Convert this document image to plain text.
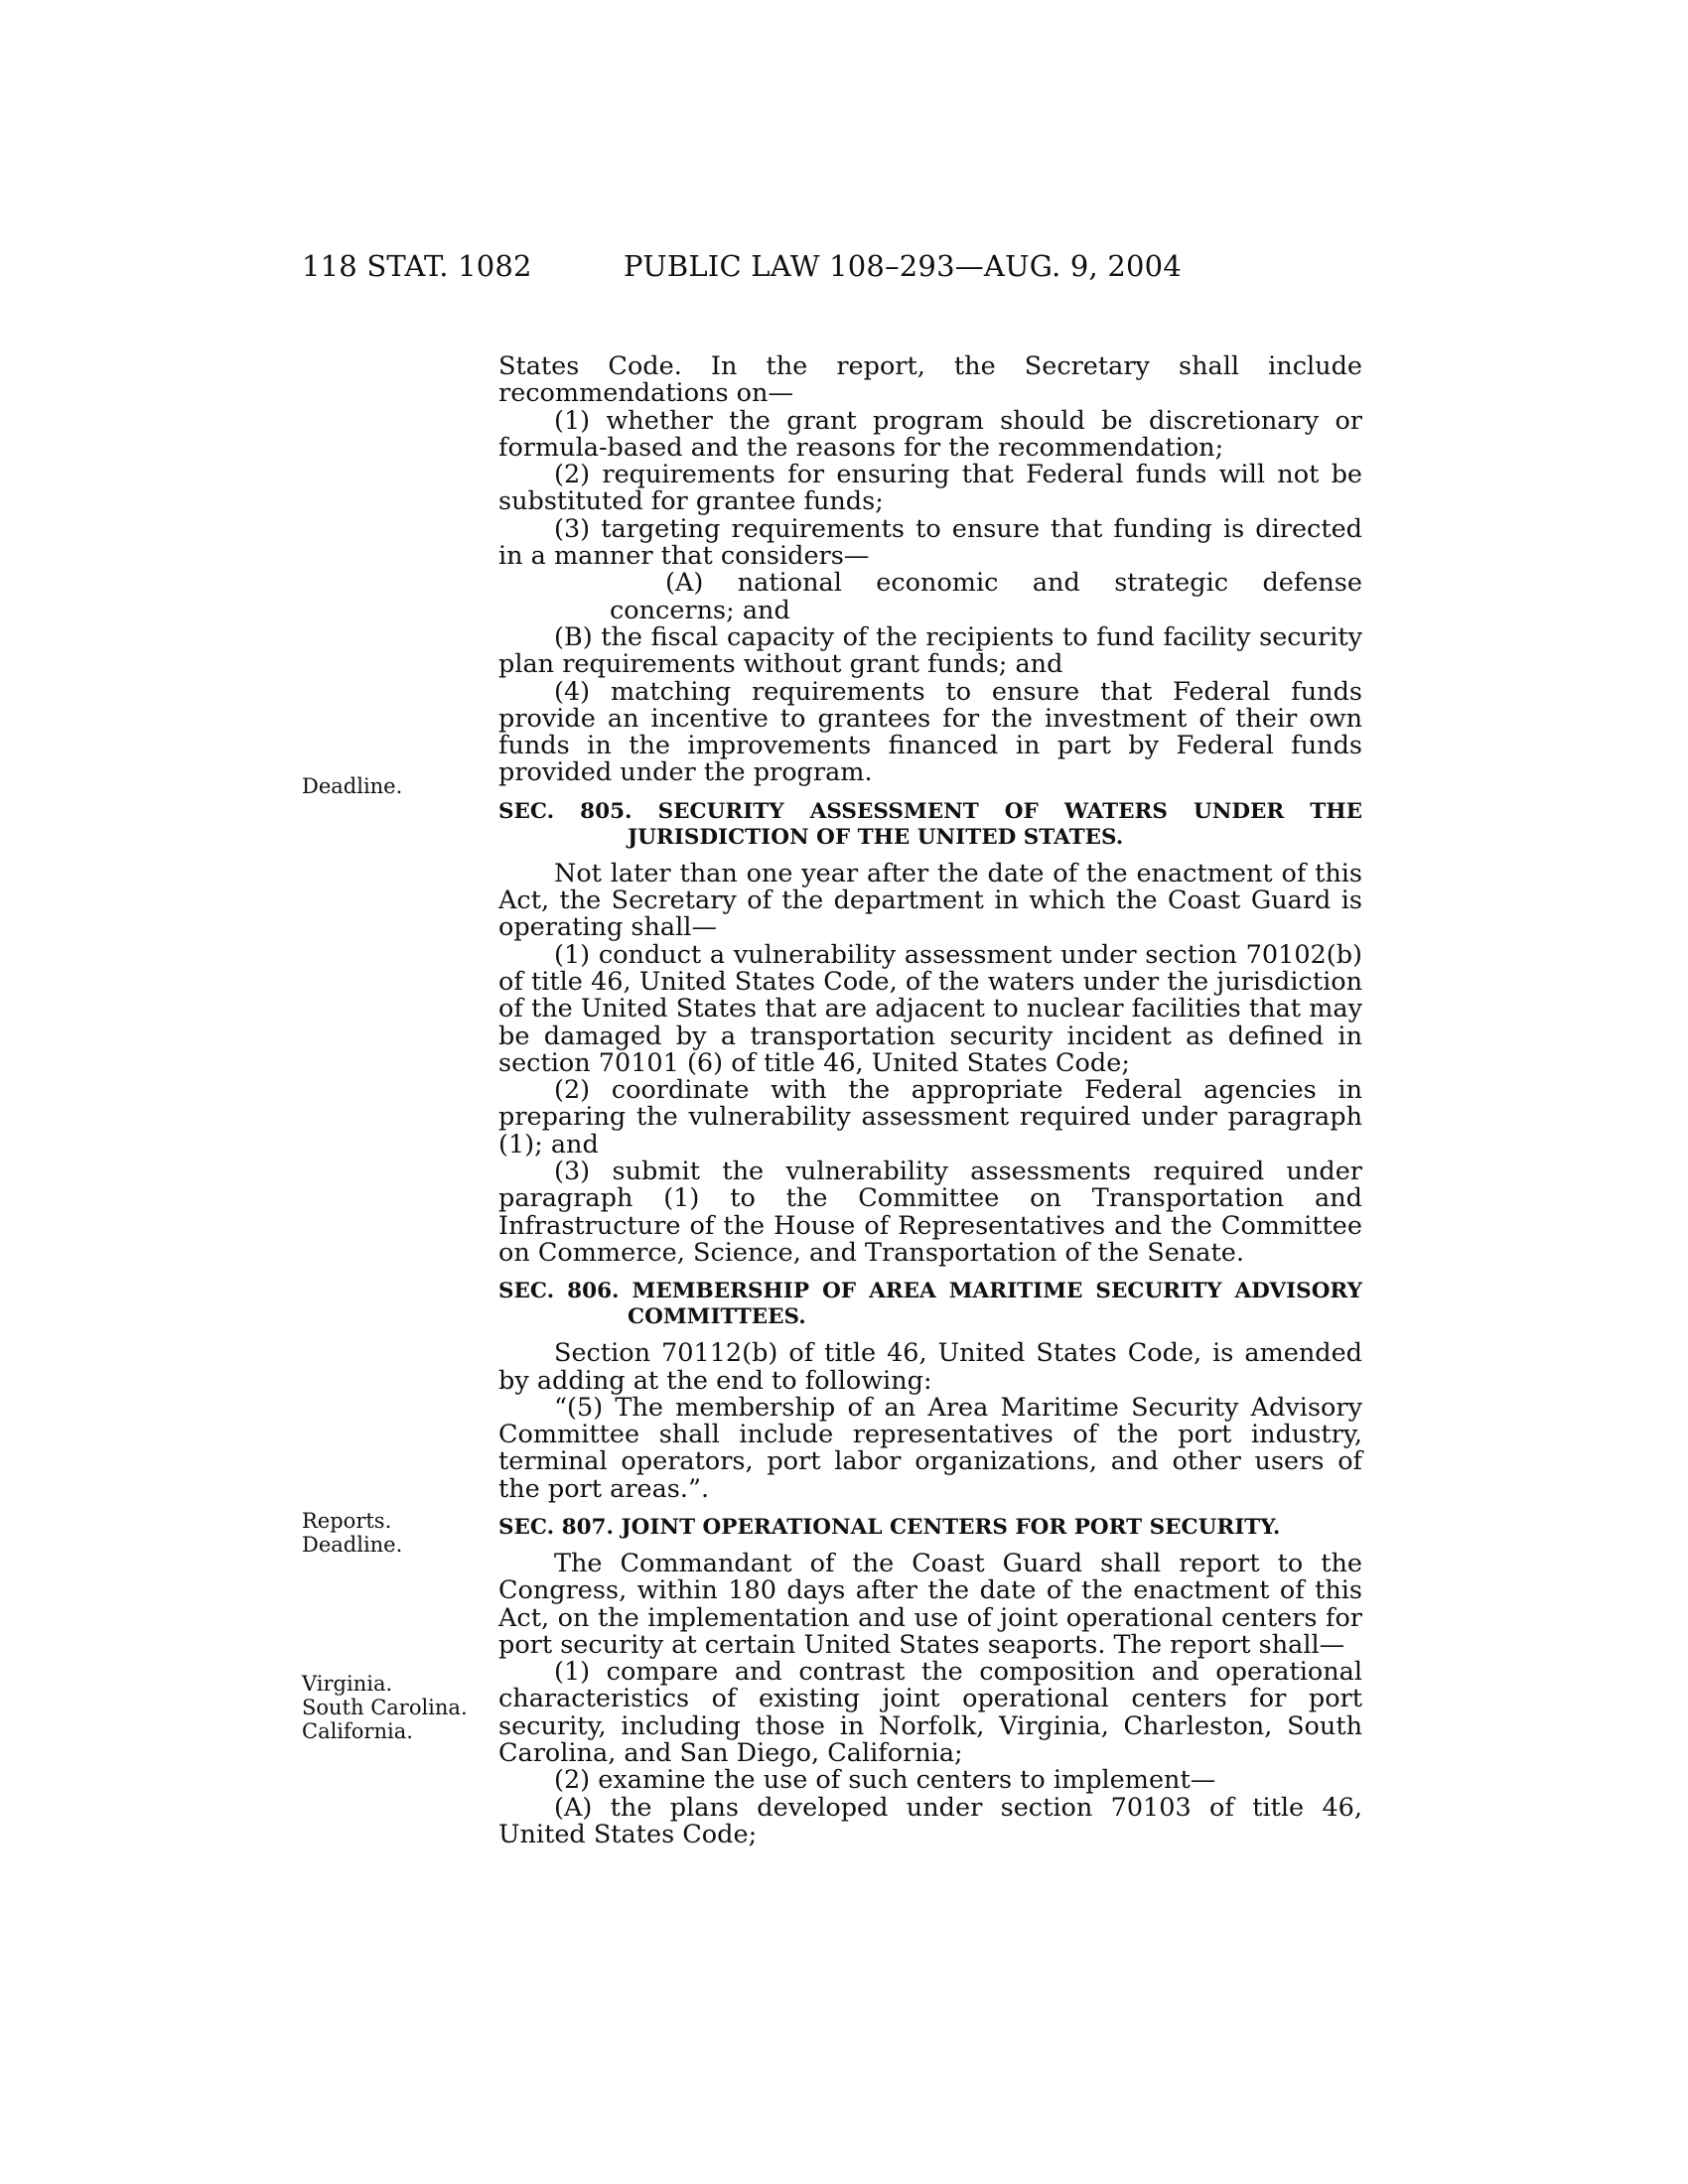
118 STAT. 1082	PUBLIC LAW 108–293—AUG. 9, 2004
Deadline.
Reports.
Deadline.
Virginia.
South Carolina.
California.

States Code. In the report, the Secretary shall include recommendations on—

(1) whether the grant program should be discretionary or formula-based and the reasons for the recommendation;

(2) requirements for ensuring that Federal funds will not be substituted for grantee funds;

(3) targeting requirements to ensure that funding is directed in a manner that considers—

(A) national economic and strategic defense concerns; and

(B) the fiscal capacity of the recipients to fund facility security plan requirements without grant funds; and

(4) matching requirements to ensure that Federal funds provide an incentive to grantees for the investment of their own funds in the improvements financed in part by Federal funds provided under the program.

SEC. 805. SECURITY ASSESSMENT OF WATERS UNDER THE JURISDICTION OF THE UNITED STATES.

Not later than one year after the date of the enactment of this Act, the Secretary of the department in which the Coast Guard is operating shall—

(1) conduct a vulnerability assessment under section 70102(b) of title 46, United States Code, of the waters under the jurisdiction of the United States that are adjacent to nuclear facilities that may be damaged by a transportation security incident as defined in section 70101 (6) of title 46, United States Code;

(2) coordinate with the appropriate Federal agencies in preparing the vulnerability assessment required under paragraph (1); and

(3) submit the vulnerability assessments required under paragraph (1) to the Committee on Transportation and Infrastructure of the House of Representatives and the Committee on Commerce, Science, and Transportation of the Senate.

SEC. 806. MEMBERSHIP OF AREA MARITIME SECURITY ADVISORY COMMITTEES.

Section 70112(b) of title 46, United States Code, is amended by adding at the end to following:

“(5) The membership of an Area Maritime Security Advisory Committee shall include representatives of the port industry, terminal operators, port labor organizations, and other users of the port areas.”.

SEC. 807. JOINT OPERATIONAL CENTERS FOR PORT SECURITY.

The Commandant of the Coast Guard shall report to the Congress, within 180 days after the date of the enactment of this Act, on the implementation and use of joint operational centers for port security at certain United States seaports. The report shall—

(1) compare and contrast the composition and operational characteristics of existing joint operational centers for port security, including those in Norfolk, Virginia, Charleston, South Carolina, and San Diego, California;

(2) examine the use of such centers to implement—

(A) the plans developed under section 70103 of title 46, United States Code;
